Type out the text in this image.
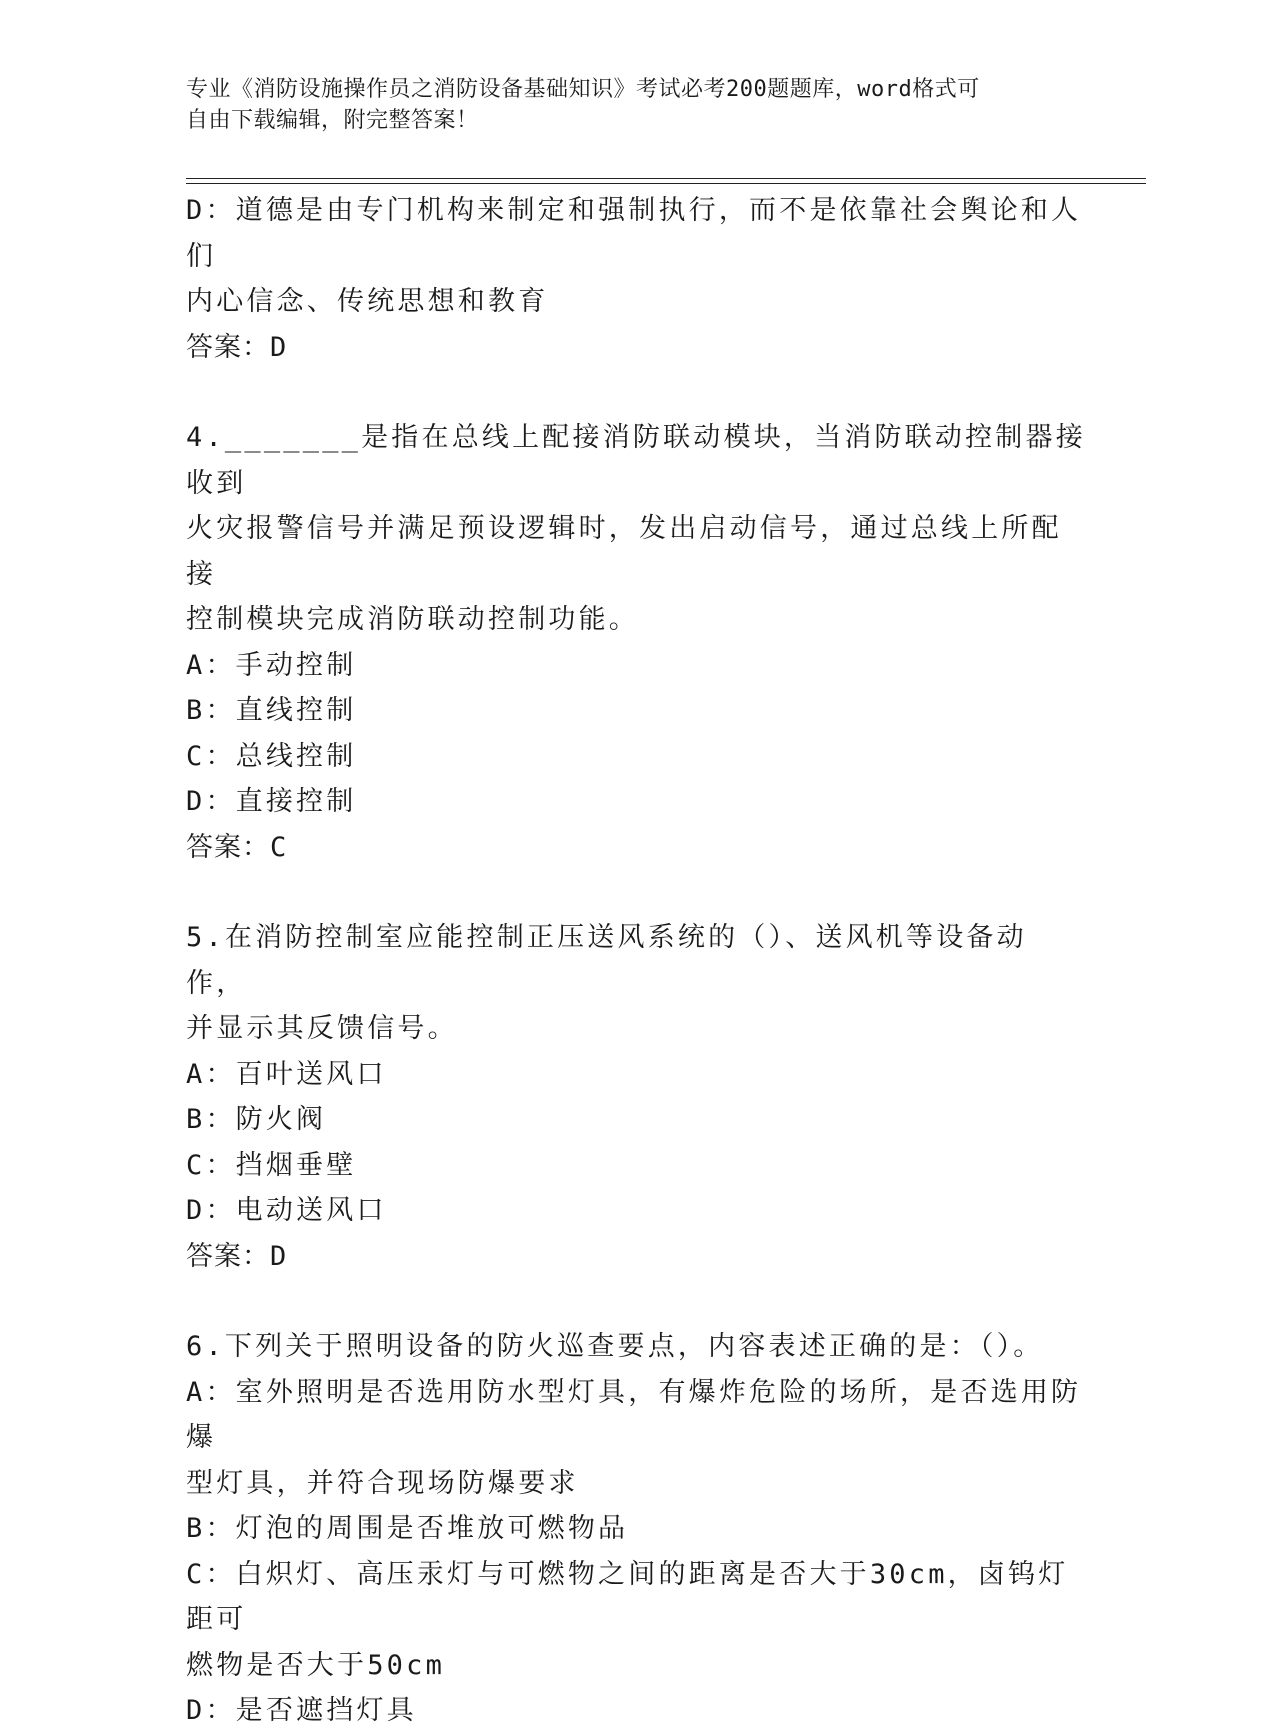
专业《消防设施操作员之消防设备基础知识》考试必考200题题库，word格式可
自由下载编辑，附完整答案！
D：道德是由专门机构来制定和强制执行，而不是依靠社会舆论和人们
内心信念、传统思想和教育
答案：D
4._______是指在总线上配接消防联动模块，当消防联动控制器接收到
火灾报警信号并满足预设逻辑时，发出启动信号，通过总线上所配接
控制模块完成消防联动控制功能。
A：手动控制
B：直线控制
C：总线控制
D：直接控制
答案：C
5.在消防控制室应能控制正压送风系统的（）、送风机等设备动作，
并显示其反馈信号。
A：百叶送风口
B：防火阀
C：挡烟垂壁
D：电动送风口
答案：D
6.下列关于照明设备的防火巡查要点，内容表述正确的是：（）。
A：室外照明是否选用防水型灯具，有爆炸危险的场所，是否选用防爆
型灯具，并符合现场防爆要求
B：灯泡的周围是否堆放可燃物品
C：白炽灯、高压汞灯与可燃物之间的距离是否大于30cm，卤钨灯距可
燃物是否大于50cm
D：是否遮挡灯具
